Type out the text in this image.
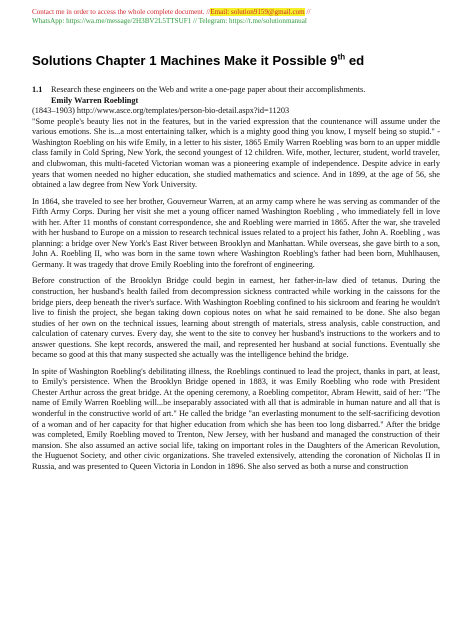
Contact me in order to access the whole complete document. //Email: solution9159@gmail.com //
WhatsApp: https://wa.me/message/2H3BV2L5TTSUF1 // Telegram: https://t.me/solutionmanual
Solutions Chapter 1 Machines Make it Possible 9th ed
1.1 Research these engineers on the Web and write a one-page paper about their accomplishments.
Emily Warren Roeblingt
(1843–1903) http://www.asce.org/templates/person-bio-detail.aspx?id=11203

"Some people's beauty lies not in the features, but in the varied expression that the countenance will assume under the various emotions. She is...a most entertaining talker, which is a mighty good thing you know, I myself being so stupid." - Washington Roebling on his wife Emily, in a letter to his sister, 1865 Emily Warren Roebling was born to an upper middle class family in Cold Spring, New York, the second youngest of 12 children. Wife, mother, lecturer, student, world traveler, and clubwoman, this multi-faceted Victorian woman was a pioneering example of independence. Despite advice in early years that women needed no higher education, she studied mathematics and science. And in 1899, at the age of 56, she obtained a law degree from New York University.

In 1864, she traveled to see her brother, Gouverneur Warren, at an army camp where he was serving as commander of the Fifth Army Corps. During her visit she met a young officer named Washington Roebling , who immediately fell in love with her. After 11 months of constant correspondence, she and Roebling were married in 1865. After the war, she traveled with her husband to Europe on a mission to research technical issues related to a project his father, John A. Roebling , was planning: a bridge over New York's East River between Brooklyn and Manhattan. While overseas, she gave birth to a son, John A. Roebling II, who was born in the same town where Washington Roebling's father had been born, Muhlhausen, Germany. It was tragedy that drove Emily Roebling into the forefront of engineering.

Before construction of the Brooklyn Bridge could begin in earnest, her father-in-law died of tetanus. During the construction, her husband's health failed from decompression sickness contracted while working in the caissons for the bridge piers, deep beneath the river's surface. With Washington Roebling confined to his sickroom and fearing he wouldn't live to finish the project, she began taking down copious notes on what he said remained to be done. She also began studies of her own on the technical issues, learning about strength of materials, stress analysis, cable construction, and calculation of catenary curves. Every day, she went to the site to convey her husband's instructions to the workers and to answer questions. She kept records, answered the mail, and represented her husband at social functions. Eventually she became so good at this that many suspected she actually was the intelligence behind the bridge.

In spite of Washington Roebling's debilitating illness, the Roeblings continued to lead the project, thanks in part, at least, to Emily's persistence. When the Brooklyn Bridge opened in 1883, it was Emily Roebling who rode with President Chester Arthur across the great bridge. At the opening ceremony, a Roebling competitor, Abram Hewitt, said of her: "The name of Emily Warren Roebling will...be inseparably associated with all that is admirable in human nature and all that is wonderful in the constructive world of art." He called the bridge "an everlasting monument to the self-sacrificing devotion of a woman and of her capacity for that higher education from which she has been too long disbarred." After the bridge was completed, Emily Roebling moved to Trenton, New Jersey, with her husband and managed the construction of their mansion. She also assumed an active social life, taking on important roles in the Daughters of the American Revolution, the Huguenot Society, and other civic organizations. She traveled extensively, attending the coronation of Nicholas II in Russia, and was presented to Queen Victoria in London in 1896. She also served as both a nurse and construction
